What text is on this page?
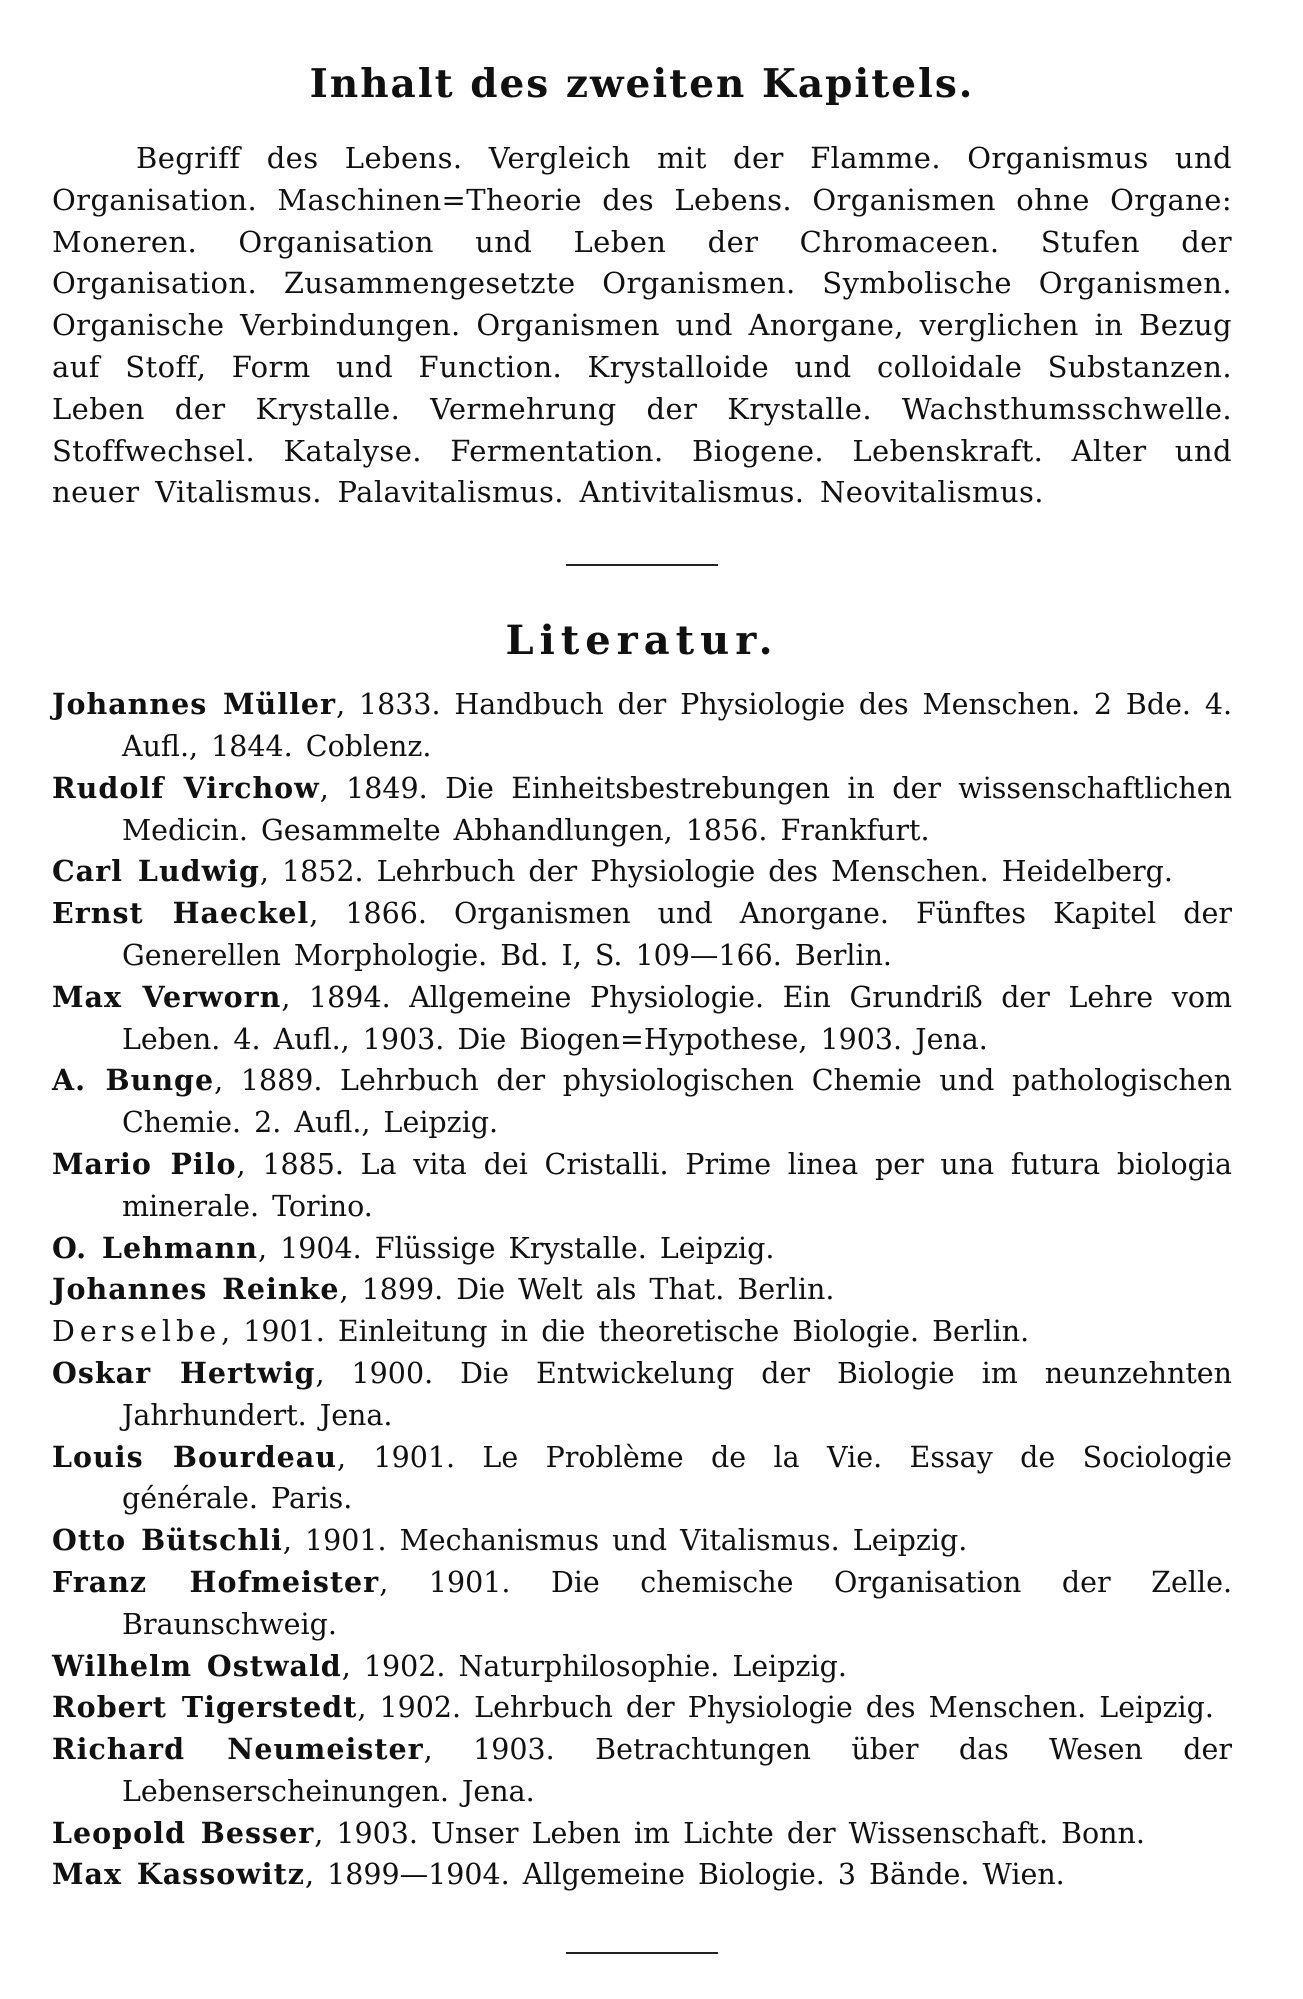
Inhalt des zweiten Kapitels.

Begriff des Lebens. Vergleich mit der Flamme. Organismus und Organisation. Maschinen=Theorie des Lebens. Organismen ohne Organe: Moneren. Organisation und Leben der Chromaceen. Stufen der Organisation. Zusammengesetzte Organismen. Symbolische Organismen. Organische Verbindungen. Organismen und Anorgane, verglichen in Bezug auf Stoff, Form und Function. Krystalloide und colloidale Substanzen. Leben der Krystalle. Vermehrung der Krystalle. Wachsthumsschwelle. Stoffwechsel. Katalyse. Fermentation. Biogene. Lebenskraft. Alter und neuer Vitalismus. Palavitalismus. Antivitalismus. Neovitalismus.

Literatur.
Johannes Müller, 1833. Handbuch der Physiologie des Menschen. 2 Bde. 4. Aufl., 1844. Coblenz.
Rudolf Virchow, 1849. Die Einheitsbestrebungen in der wissenschaftlichen Medicin. Gesammelte Abhandlungen, 1856. Frankfurt.
Carl Ludwig, 1852. Lehrbuch der Physiologie des Menschen. Heidelberg.
Ernst Haeckel, 1866. Organismen und Anorgane. Fünftes Kapitel der Generellen Morphologie. Bd. I, S. 109—166. Berlin.
Max Verworn, 1894. Allgemeine Physiologie. Ein Grundriß der Lehre vom Leben. 4. Aufl., 1903. Die Biogen=Hypothese, 1903. Jena.
A. Bunge, 1889. Lehrbuch der physiologischen Chemie und pathologischen Chemie. 2. Aufl., Leipzig.
Mario Pilo, 1885. La vita dei Cristalli. Prime linea per una futura biologia minerale. Torino.
O. Lehmann, 1904. Flüssige Krystalle. Leipzig.
Johannes Reinke, 1899. Die Welt als That. Berlin.
Derselbe, 1901. Einleitung in die theoretische Biologie. Berlin.
Oskar Hertwig, 1900. Die Entwickelung der Biologie im neunzehnten Jahrhundert. Jena.
Louis Bourdeau, 1901. Le Problème de la Vie. Essay de Sociologie générale. Paris.
Otto Bütschli, 1901. Mechanismus und Vitalismus. Leipzig.
Franz Hofmeister, 1901. Die chemische Organisation der Zelle. Braunschweig.
Wilhelm Ostwald, 1902. Naturphilosophie. Leipzig.
Robert Tigerstedt, 1902. Lehrbuch der Physiologie des Menschen. Leipzig.
Richard Neumeister, 1903. Betrachtungen über das Wesen der Lebenserscheinungen. Jena.
Leopold Besser, 1903. Unser Leben im Lichte der Wissenschaft. Bonn.
Max Kassowitz, 1899—1904. Allgemeine Biologie. 3 Bände. Wien.
